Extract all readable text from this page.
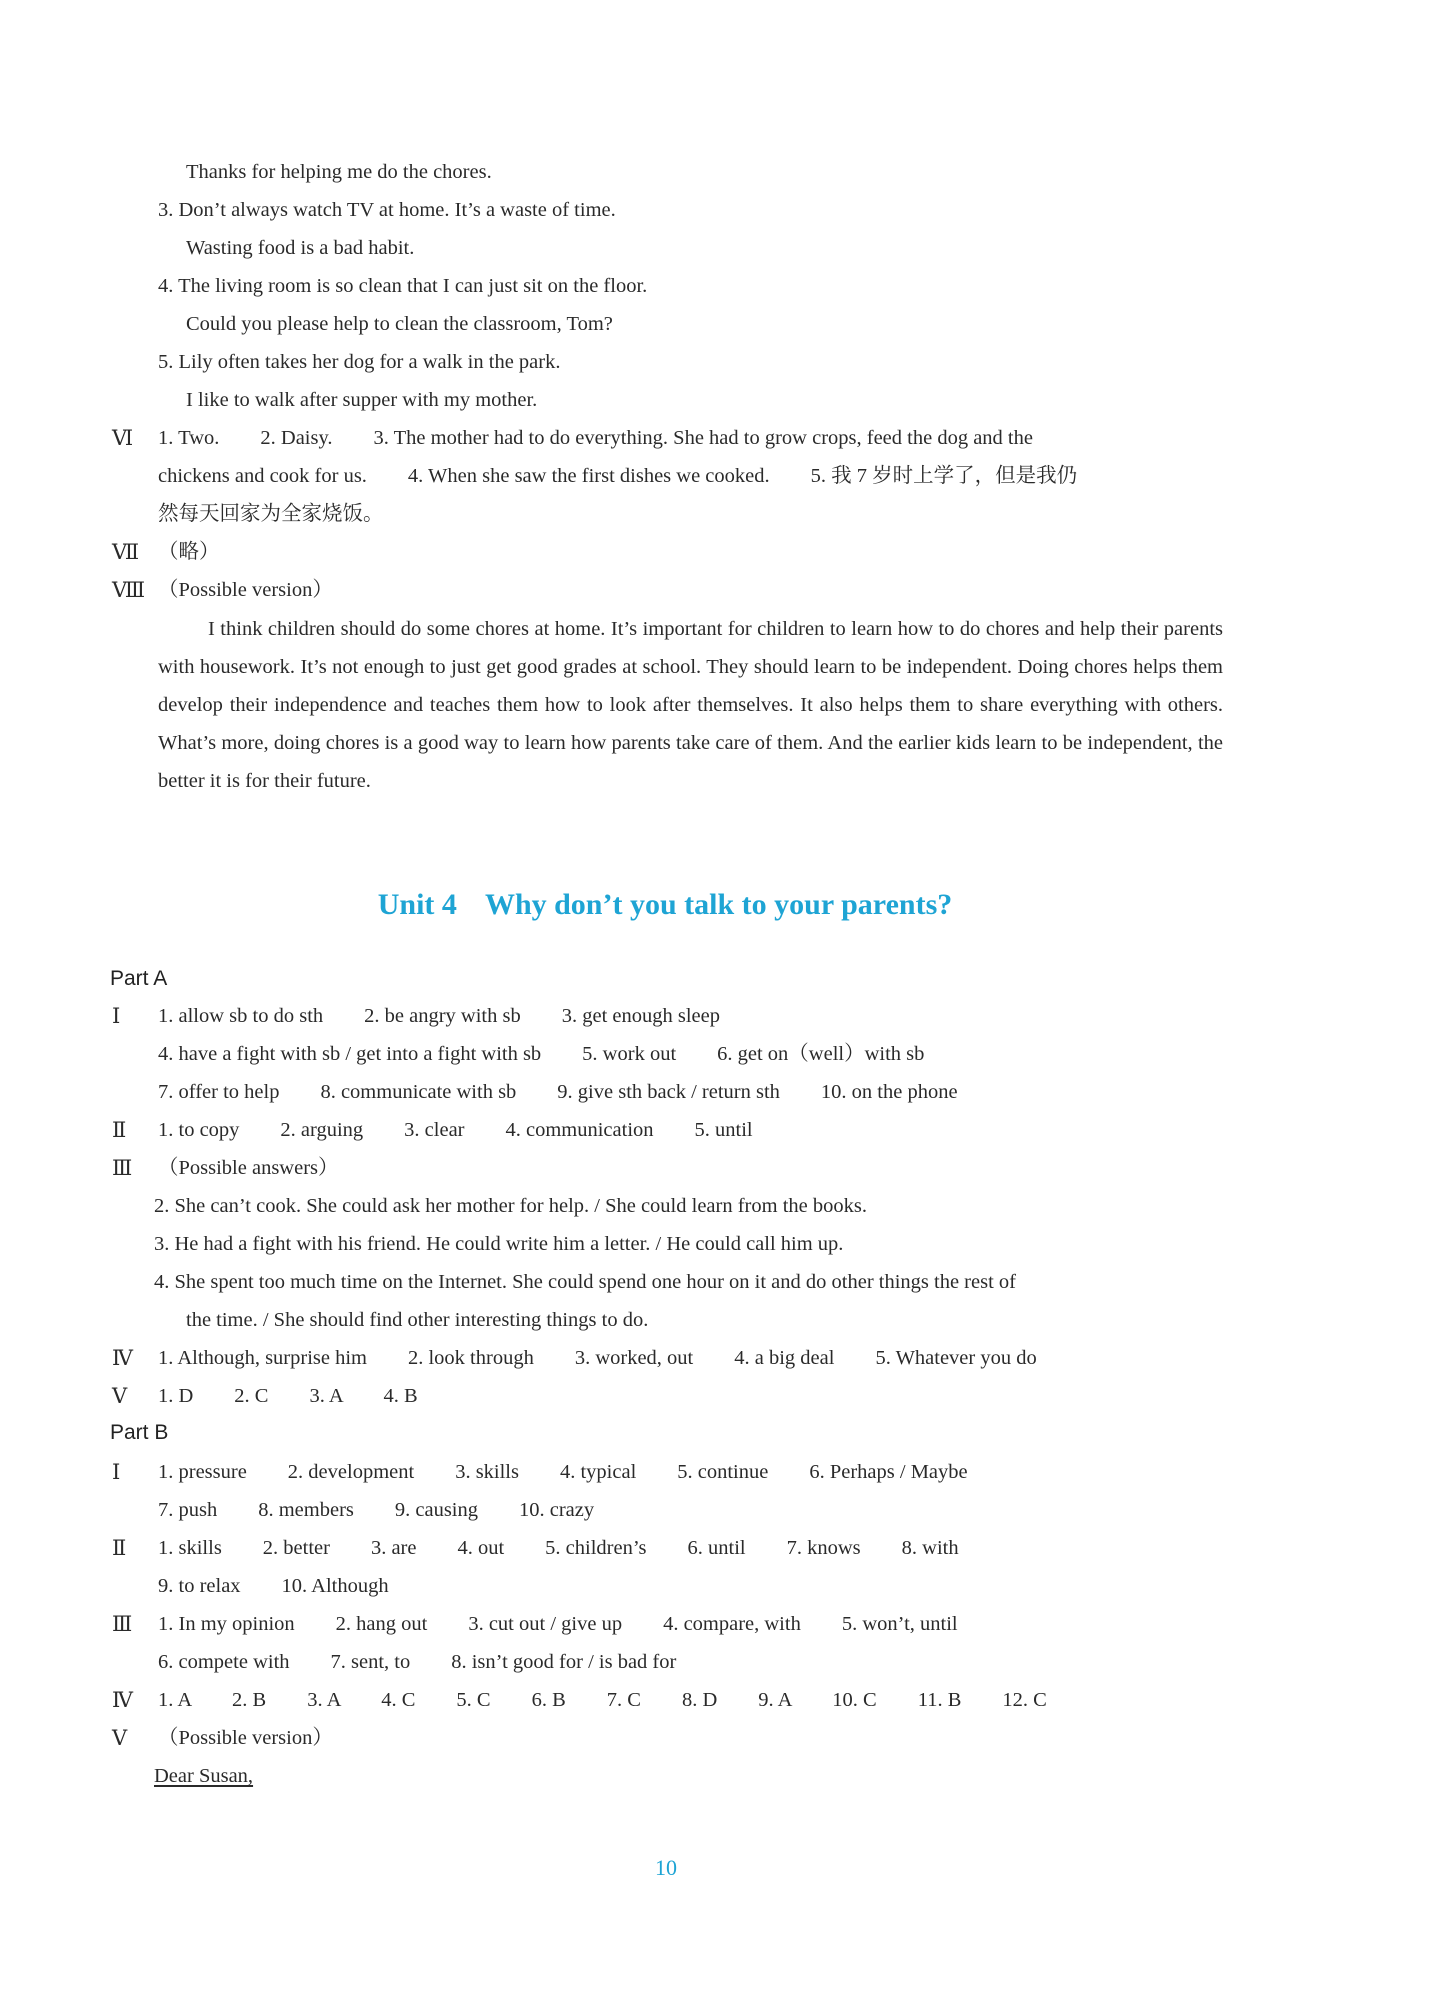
Thanks for helping me do the chores.
3. Don’t always watch TV at home. It’s a waste of time.
Wasting food is a bad habit.
4. The living room is so clean that I can just sit on the floor.
Could you please help to clean the classroom, Tom?
5. Lily often takes her dog for a walk in the park.
I like to walk after supper with my mother.
Ⅵ 1. Two.        2. Daisy.        3. The mother had to do everything. She had to grow crops, feed the dog and the
chickens and cook for us.        4. When she saw the first dishes we cooked.        5. 我 7 岁时上学了，但是我仍
然每天回家为全家烧饭。
Ⅶ （略）
Ⅷ （Possible version）
I think children should do some chores at home. It’s important for children to learn how to do chores and help their parents with housework. It’s not enough to just get good grades at school. They should learn to be independent. Doing chores helps them develop their independence and teaches them how to look after themselves. It also helps them to share everything with others. What’s more, doing chores is a good way to learn how parents take care of them. And the earlier kids learn to be independent, the better it is for their future.
Unit 4 Why don’t you talk to your parents?
Part A
Ⅰ 1. allow sb to do sth        2. be angry with sb        3. get enough sleep
4. have a fight with sb / get into a fight with sb        5. work out        6. get on（well）with sb
7. offer to help        8. communicate with sb        9. give sth back / return sth        10. on the phone
Ⅱ 1. to copy        2. arguing        3. clear        4. communication        5. until
Ⅲ （Possible answers）
2. She can’t cook. She could ask her mother for help. / She could learn from the books.
3. He had a fight with his friend. He could write him a letter. / He could call him up.
4. She spent too much time on the Internet. She could spend one hour on it and do other things the rest of
the time. / She should find other interesting things to do.
Ⅳ 1. Although, surprise him        2. look through        3. worked, out        4. a big deal        5. Whatever you do
Ⅴ 1. D        2. C        3. A        4. B
Part B
Ⅰ 1. pressure        2. development        3. skills        4. typical        5. continue        6. Perhaps / Maybe
7. push        8. members        9. causing        10. crazy
Ⅱ 1. skills        2. better        3. are        4. out        5. children’s        6. until        7. knows        8. with
9. to relax        10. Although
Ⅲ 1. In my opinion        2. hang out        3. cut out / give up        4. compare, with        5. won’t, until
6. compete with        7. sent, to        8. isn’t good for / is bad for
Ⅳ 1. A        2. B        3. A        4. C        5. C        6. B        7. C        8. D        9. A        10. C        11. B        12. C
Ⅴ （Possible version）
Dear Susan,
10
